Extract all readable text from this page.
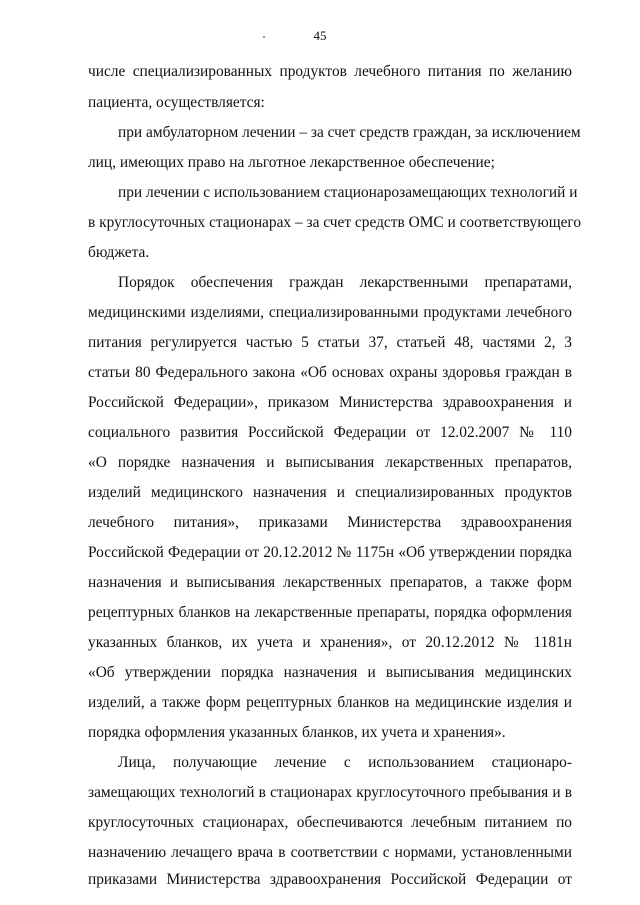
45
числе специализированных продуктов лечебного питания по желанию
пациента, осуществляется:
при амбулаторном лечении – за счет средств граждан, за исключением
лиц, имеющих право на льготное лекарственное обеспечение;
при лечении с использованием стационарозамещающих технологий и
в круглосуточных стационарах – за счет средств ОМС и соответствующего
бюджета.
Порядок обеспечения граждан лекарственными препаратами,
медицинскими изделиями, специализированными продуктами лечебного
питания регулируется частью 5 статьи 37, статьей 48, частями 2, 3
статьи 80 Федерального закона «Об основах охраны здоровья граждан в
Российской Федерации», приказом Министерства здравоохранения и
социального развития Российской Федерации от 12.02.2007 № 110
«О порядке назначения и выписывания лекарственных препаратов,
изделий медицинского назначения и специализированных продуктов
лечебного питания», приказами Министерства здравоохранения
Российской Федерации от 20.12.2012 № 1175н «Об утверждении порядка
назначения и выписывания лекарственных препаратов, а также форм
рецептурных бланков на лекарственные препараты, порядка оформления
указанных бланков, их учета и хранения», от 20.12.2012 № 1181н
«Об утверждении порядка назначения и выписывания медицинских
изделий, а также форм рецептурных бланков на медицинские изделия и
порядка оформления указанных бланков, их учета и хранения».
Лица, получающие лечение с использованием стационаро-
замещающих технологий в стационарах круглосуточного пребывания и в
круглосуточных стационарах, обеспечиваются лечебным питанием по
назначению лечащего врача в соответствии с нормами, установленными
приказами Министерства здравоохранения Российской Федерации от
